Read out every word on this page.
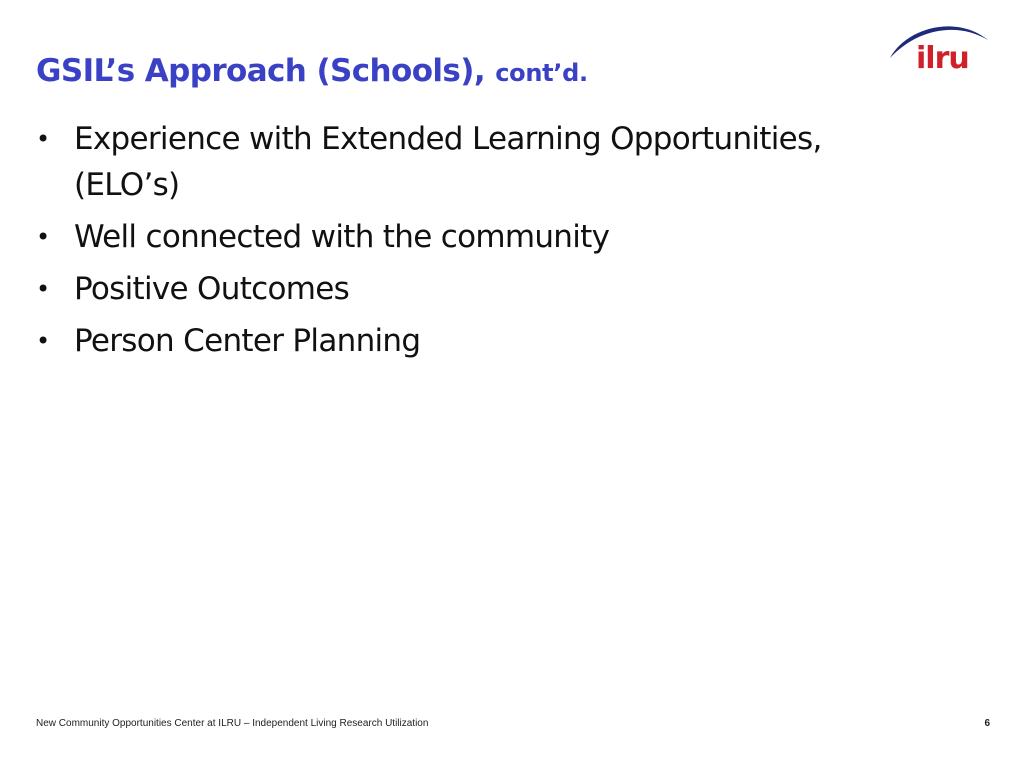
GSIL’s Approach (Schools), cont’d.	ilru
• Experience with Extended Learning Opportunities, (ELO’s)
• Well connected with the community
• Positive Outcomes
• Person Center Planning
New Community Opportunities Center at ILRU – Independent Living Research Utilization	6
